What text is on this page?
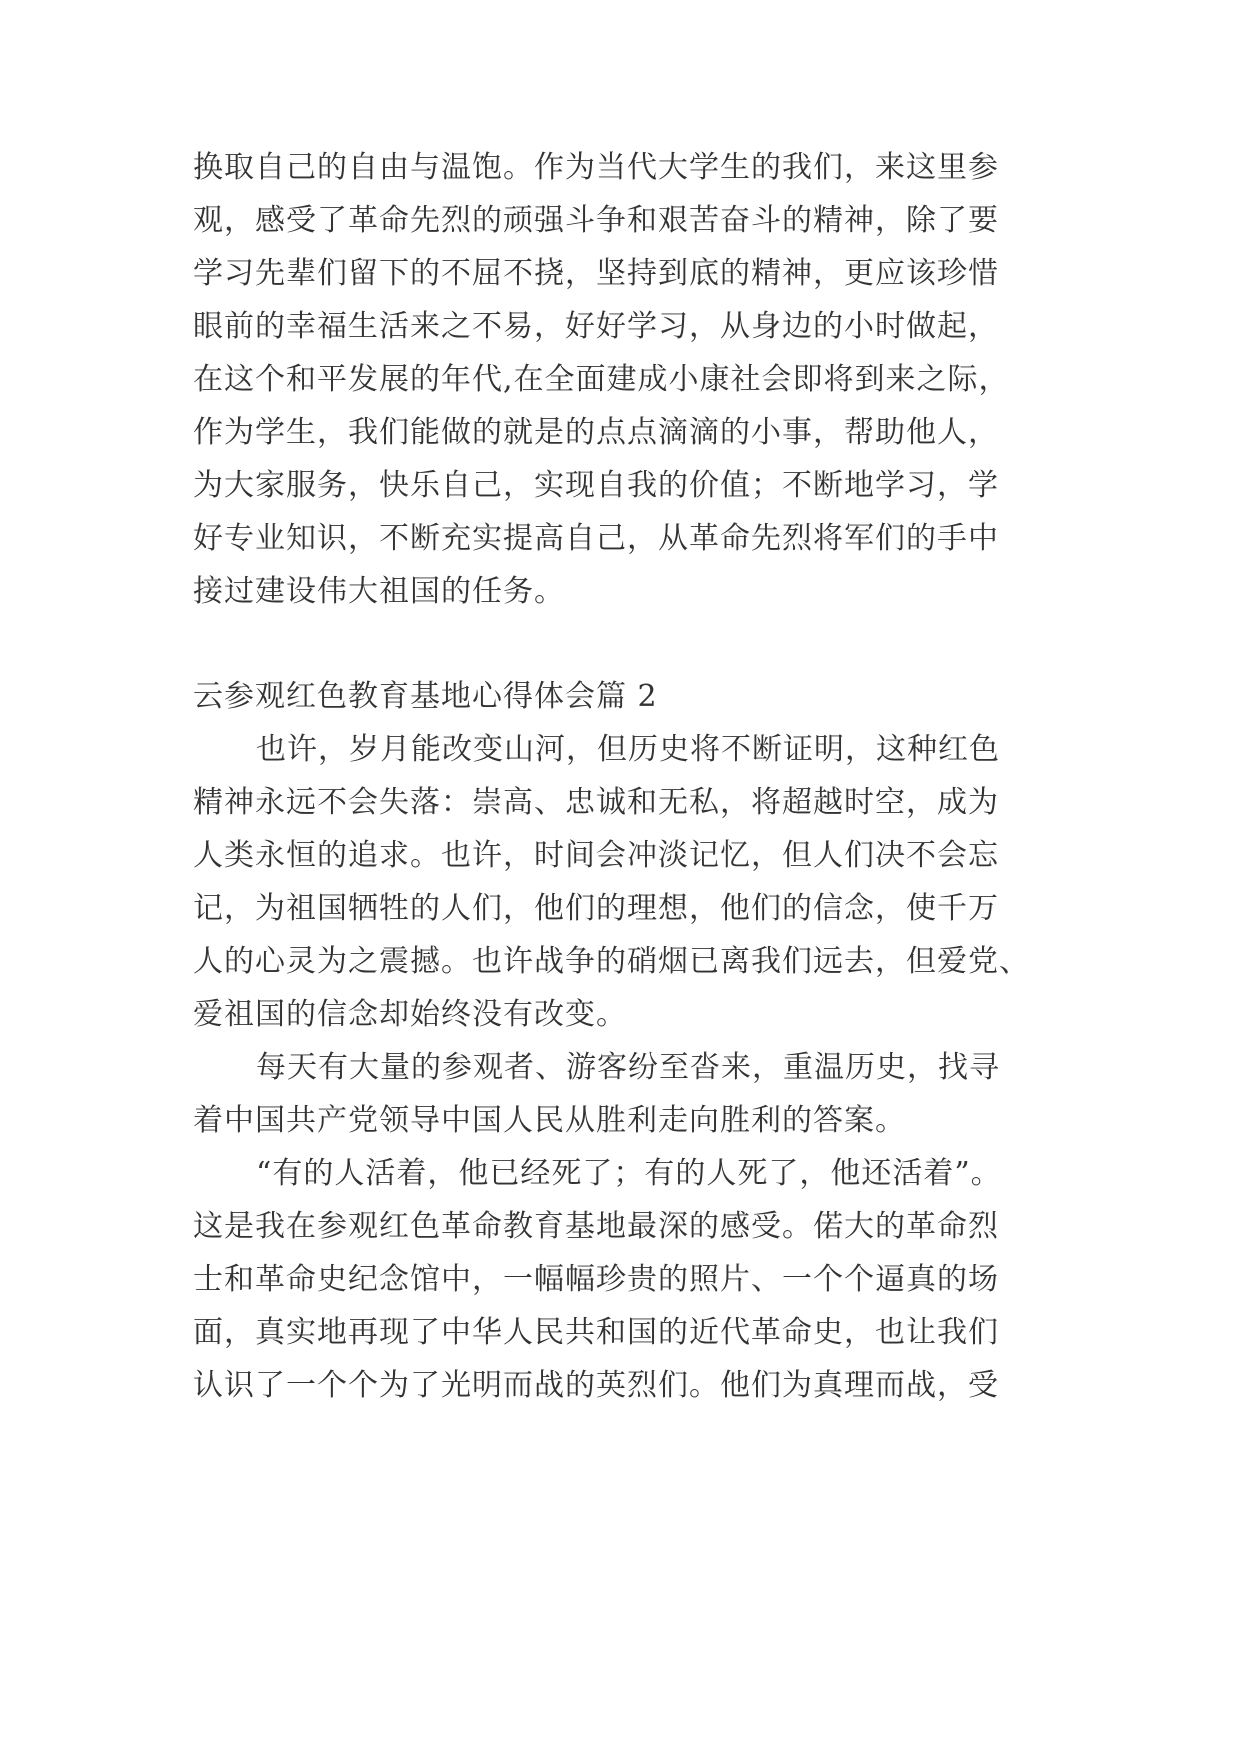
换取自己的自由与温饱。作为当代大学生的我们，来这里参
观，感受了革命先烈的顽强斗争和艰苦奋斗的精神，除了要
学习先辈们留下的不屈不挠，坚持到底的精神，更应该珍惜
眼前的幸福生活来之不易，好好学习，从身边的小时做起，
在这个和平发展的年代,在全面建成小康社会即将到来之际，
作为学生，我们能做的就是的点点滴滴的小事，帮助他人，
为大家服务，快乐自己，实现自我的价值；不断地学习，学
好专业知识，不断充实提高自己，从革命先烈将军们的手中
接过建设伟大祖国的任务。
云参观红色教育基地心得体会篇 2
也许，岁月能改变山河，但历史将不断证明，这种红色
精神永远不会失落：崇高、忠诚和无私，将超越时空，成为
人类永恒的追求。也许，时间会冲淡记忆，但人们决不会忘
记，为祖国牺牲的人们，他们的理想，他们的信念，使千万
人的心灵为之震撼。也许战争的硝烟已离我们远去，但爱党、
爱祖国的信念却始终没有改变。
每天有大量的参观者、游客纷至沓来，重温历史，找寻
着中国共产党领导中国人民从胜利走向胜利的答案。
“有的人活着，他已经死了；有的人死了，他还活着”。
这是我在参观红色革命教育基地最深的感受。偌大的革命烈
士和革命史纪念馆中，一幅幅珍贵的照片、一个个逼真的场
面，真实地再现了中华人民共和国的近代革命史，也让我们
认识了一个个为了光明而战的英烈们。他们为真理而战，受
